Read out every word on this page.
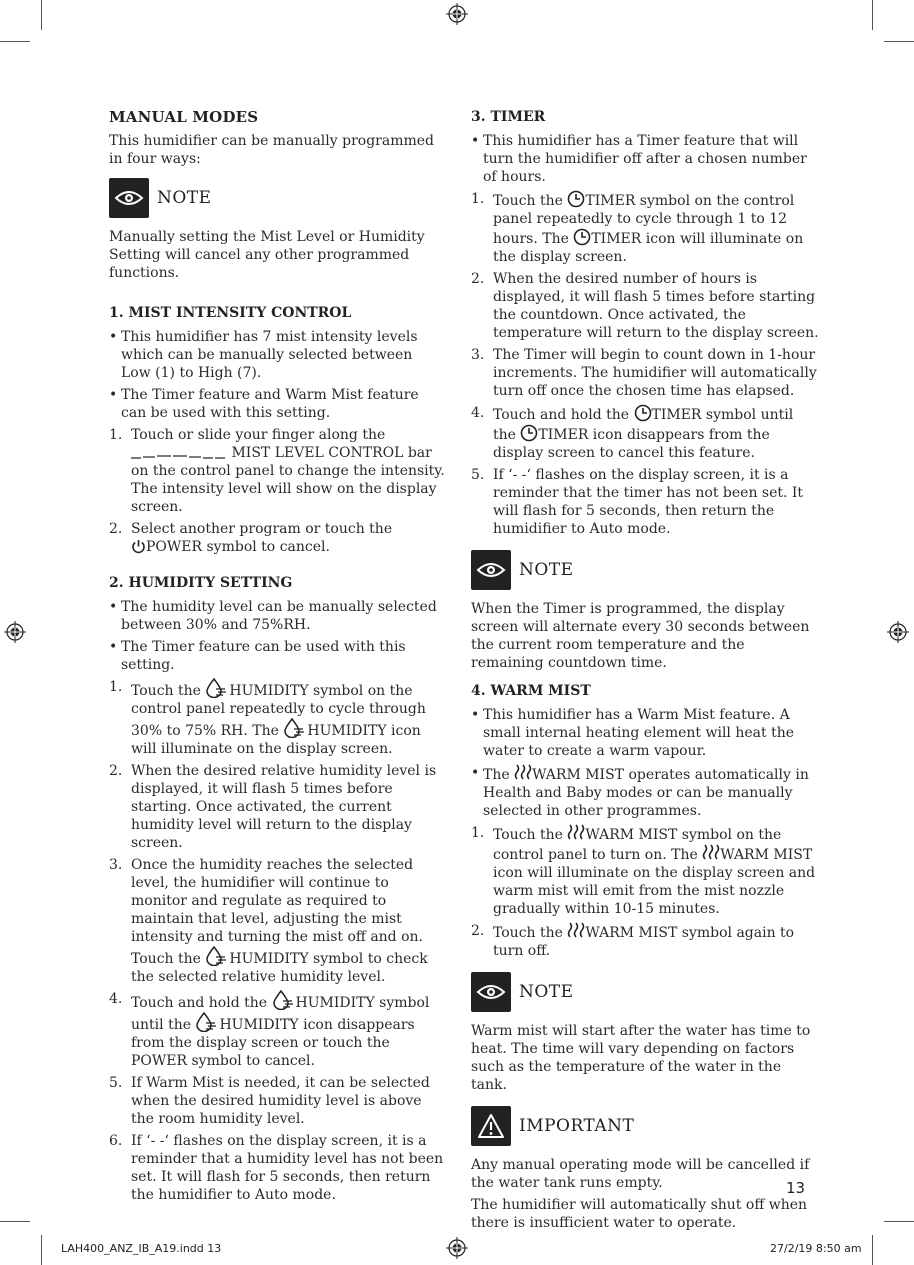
MANUAL MODES

This humidifier can be manually programmed in four ways:

NOTE

Manually setting the Mist Level or Humidity Setting will cancel any other programmed functions.

1. MIST INTENSITY CONTROL
• This humidifier has 7 mist intensity levels which can be manually selected between Low (1) to High (7).
• The Timer feature and Warm Mist feature can be used with this setting.
1. Touch or slide your finger along the
MIST LEVEL CONTROL bar on the control panel to change the intensity. The intensity level will show on the display screen.
2. Select another program or touch the
POWER symbol to cancel.
2. HUMIDITY SETTING
• The humidity level can be manually selected between 30% and 75%RH.
• The Timer feature can be used with this setting.
1. Touch the HUMIDITY symbol on the control panel repeatedly to cycle through 30% to 75% RH. The HUMIDITY icon will illuminate on the display screen.
2. When the desired relative humidity level is displayed, it will flash 5 times before starting. Once activated, the current humidity level will return to the display screen.
3. Once the humidity reaches the selected level, the humidifier will continue to monitor and regulate as required to maintain that level, adjusting the mist intensity and turning the mist off and on. Touch the HUMIDITY symbol to check the selected relative humidity level.
4. Touch and hold the HUMIDITY symbol until the HUMIDITY icon disappears from the display screen or touch the POWER symbol to cancel.
5. If Warm Mist is needed, it can be selected when the desired humidity level is above the room humidity level.
6. If ‘- -‘ flashes on the display screen, it is a reminder that a humidity level has not been set. It will flash for 5 seconds, then return the humidifier to Auto mode.
3. TIMER
• This humidifier has a Timer feature that will turn the humidifier off after a chosen number of hours.
1. Touch the TIMER symbol on the control panel repeatedly to cycle through 1 to 12 hours. The TIMER icon will illuminate on the display screen.
2. When the desired number of hours is displayed, it will flash 5 times before starting the countdown. Once activated, the temperature will return to the display screen.
3. The Timer will begin to count down in 1-hour increments. The humidifier will automatically turn off once the chosen time has elapsed.
4. Touch and hold the TIMER symbol until the TIMER icon disappears from the display screen to cancel this feature.
5. If ‘- -‘ flashes on the display screen, it is a reminder that the timer has not been set. It will flash for 5 seconds, then return the humidifier to Auto mode.
NOTE

When the Timer is programmed, the display screen will alternate every 30 seconds between the current room temperature and the remaining countdown time.

4. WARM MIST
• This humidifier has a Warm Mist feature. A small internal heating element will heat the water to create a warm vapour.
• The WARM MIST operates automatically in Health and Baby modes or can be manually selected in other programmes.
1. Touch the WARM MIST symbol on the control panel to turn on. The WARM MIST icon will illuminate on the display screen and warm mist will emit from the mist nozzle gradually within 10-15 minutes.
2. Touch the WARM MIST symbol again to turn off.
NOTE

Warm mist will start after the water has time to heat. The time will vary depending on factors such as the temperature of the water in the tank.

IMPORTANT

Any manual operating mode will be cancelled if the water tank runs empty.

The humidifier will automatically shut off when there is insufficient water to operate.

13
LAH400_ANZ_IB_A19.indd 13	27/2/19 8:50 am
